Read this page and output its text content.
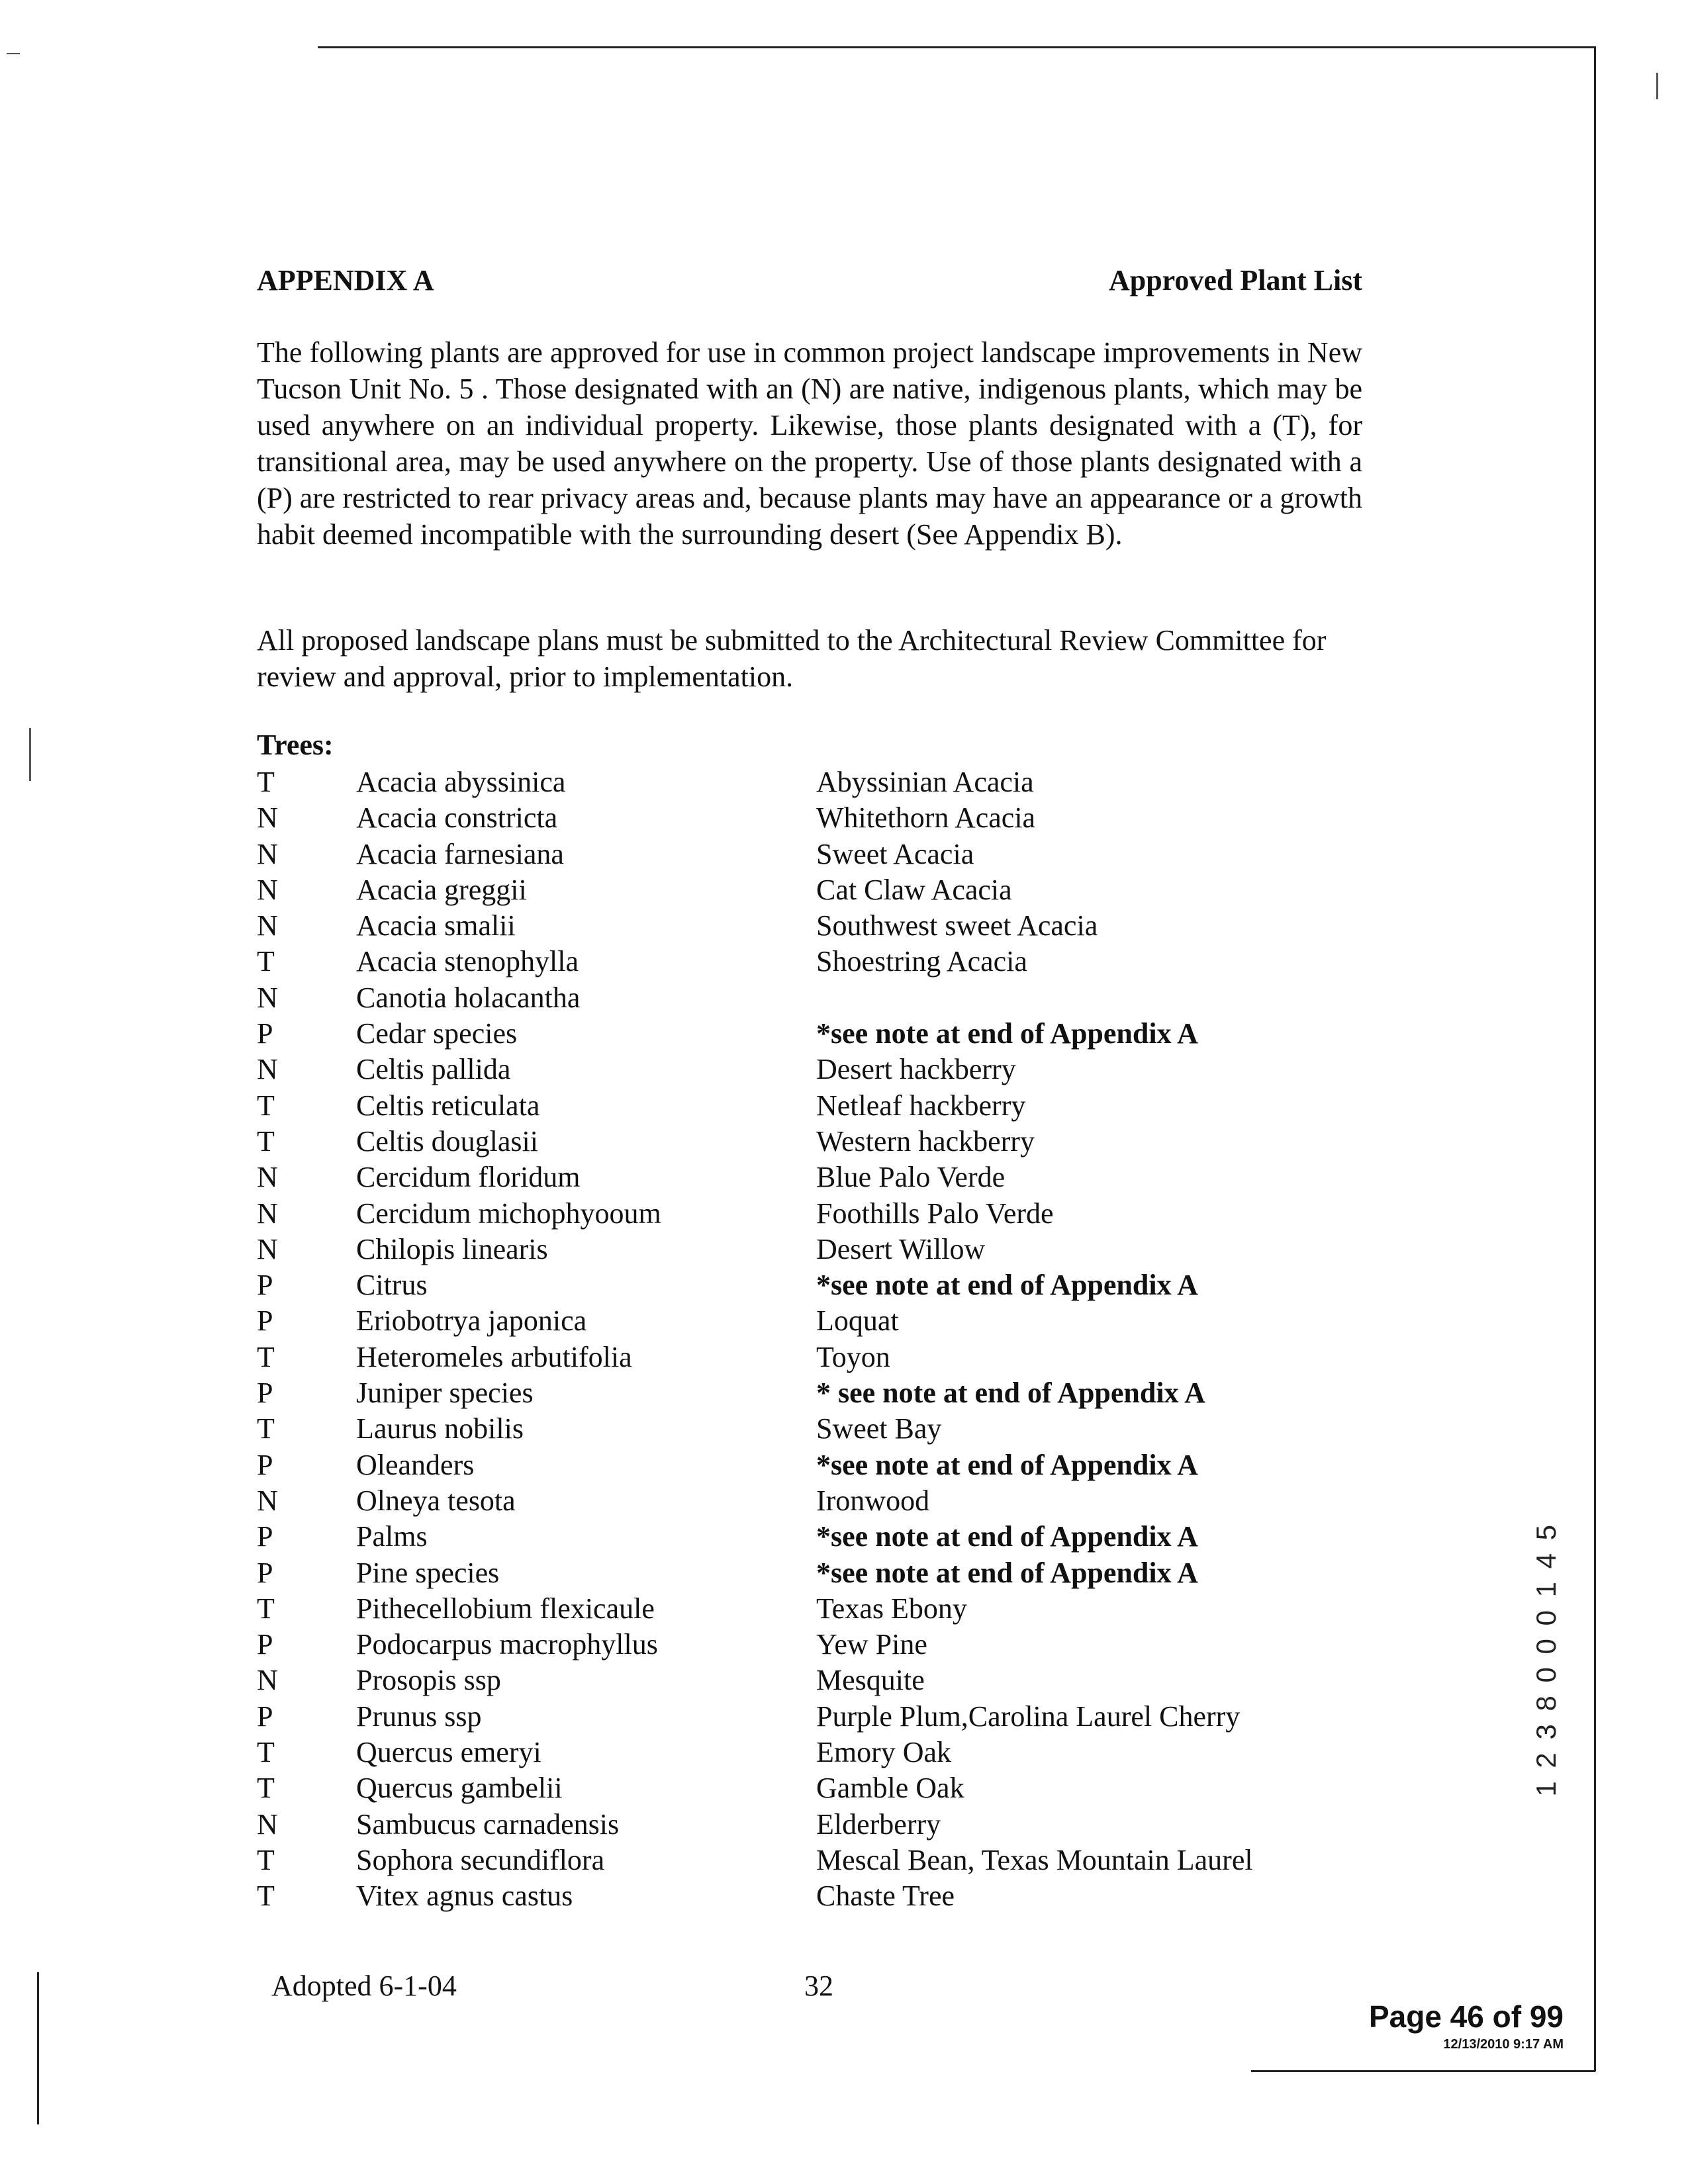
APPENDIX A	Approved Plant List
The following plants are approved for use in common project landscape improvements in New Tucson Unit No. 5 . Those designated with an (N) are native, indigenous plants, which may be used anywhere on an individual property. Likewise, those plants designated with a (T), for transitional area, may be used anywhere on the property. Use of those plants designated with a (P) are restricted to rear privacy areas and, because plants may have an appearance or a growth habit deemed incompatible with the surrounding desert (See Appendix B).
All proposed landscape plans must be submitted to the Architectural Review Committee for review and approval, prior to implementation.
Trees:
T	Acacia abyssinica	Abyssinian Acacia
N	Acacia constricta	Whitethorn Acacia
N	Acacia farnesiana	Sweet Acacia
N	Acacia greggii	Cat Claw Acacia
N	Acacia smalii	Southwest sweet Acacia
T	Acacia stenophylla	Shoestring Acacia
N	Canotia holacantha
P	Cedar species	*see note at end of Appendix A
N	Celtis pallida	Desert hackberry
T	Celtis reticulata	Netleaf hackberry
T	Celtis douglasii	Western hackberry
N	Cercidum floridum	Blue Palo Verde
N	Cercidum michophyooum	Foothills Palo Verde
N	Chilopis linearis	Desert Willow
P	Citrus	*see note at end of Appendix A
P	Eriobotrya japonica	Loquat
T	Heteromeles arbutifolia	Toyon
P	Juniper species	* see note at end of Appendix A
T	Laurus nobilis	Sweet Bay
P	Oleanders	*see note at end of Appendix A
N	Olneya tesota	Ironwood
P	Palms	*see note at end of Appendix A
P	Pine species	*see note at end of Appendix A
T	Pithecellobium flexicaule	Texas Ebony
P	Podocarpus macrophyllus	Yew Pine
N	Prosopis ssp	Mesquite
P	Prunus ssp	Purple Plum,Carolina Laurel Cherry
T	Quercus emeryi	Emory Oak
T	Quercus gambelii	Gamble Oak
N	Sambucus carnadensis	Elderberry
T	Sophora secundiflora	Mescal Bean, Texas Mountain Laurel
T	Vitex agnus castus	Chaste Tree
Adopted 6-1-04	32
Page 46 of 99
12/13/2010 9:17 AM
1 2 3 8 0 0 0 1 4 5
